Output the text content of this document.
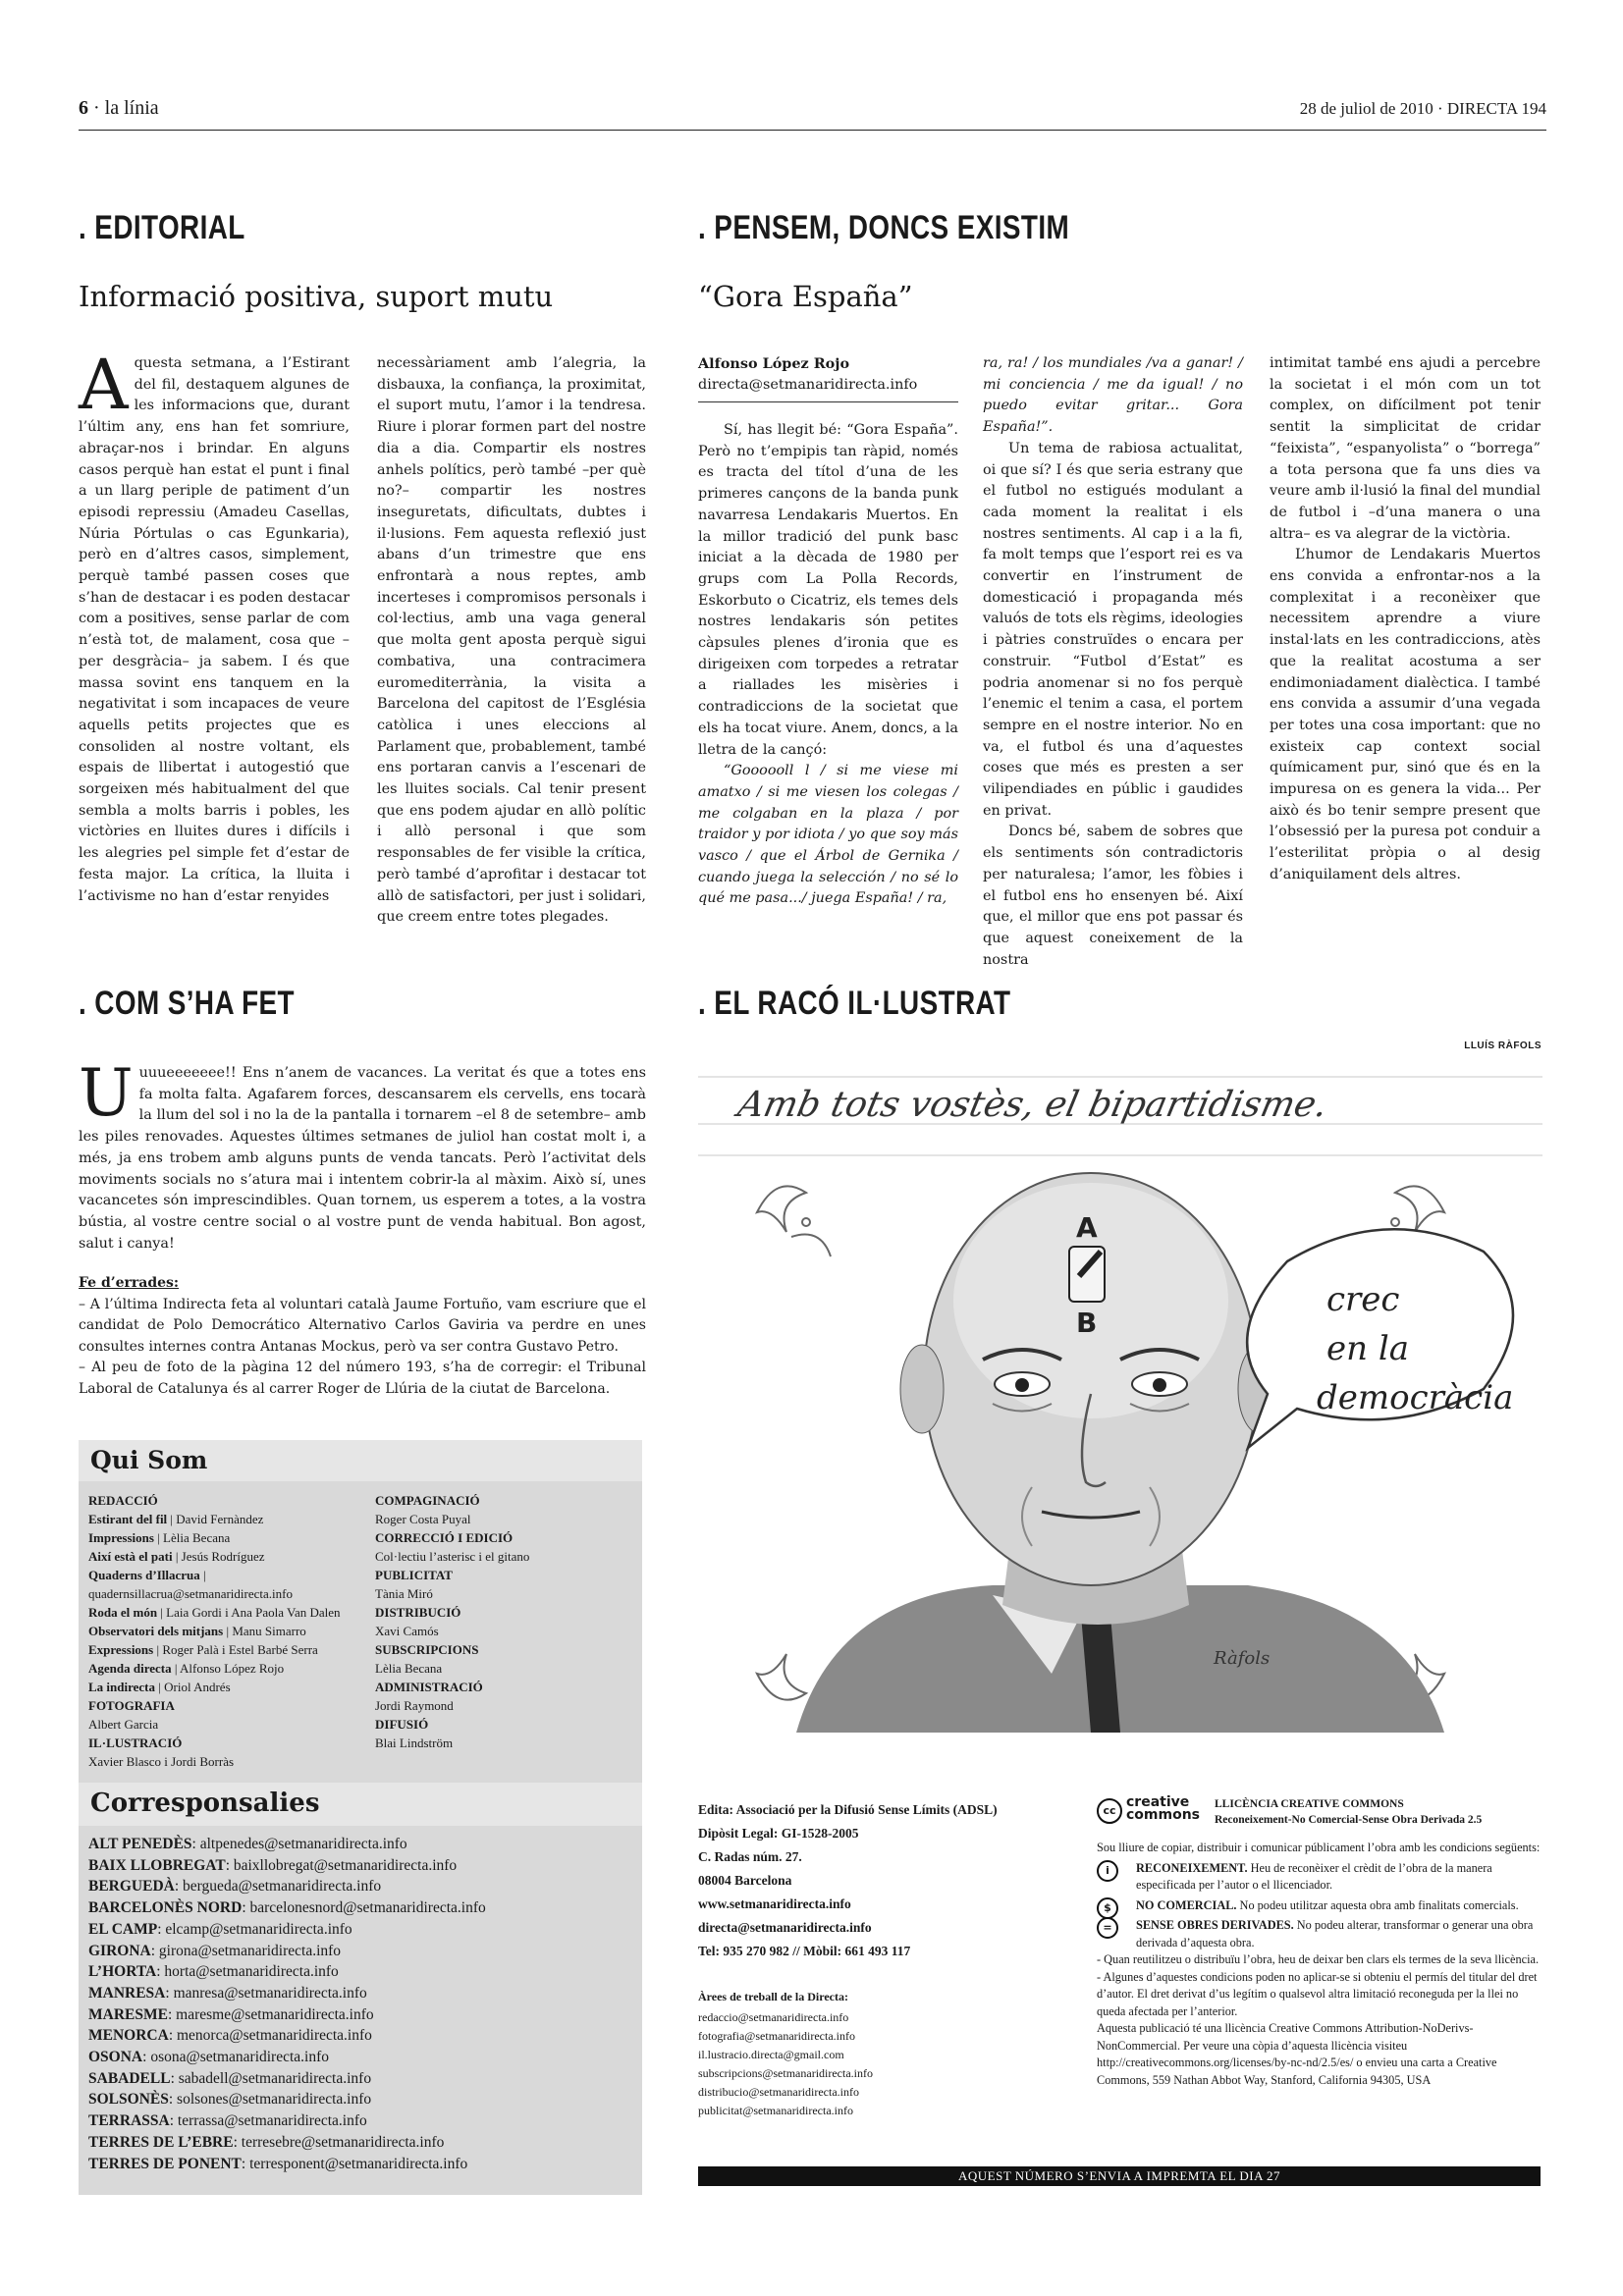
6 · la línia	28 de juliol de 2010 · DIRECTA 194
. EDITORIAL
Informació positiva, suport mutu
Aquesta setmana, a l’Estirant del fil, destaquem algunes de les informacions que, durant l’últim any, ens han fet somriure, abraçar-nos i brindar. En alguns casos perquè han estat el punt i final a un llarg periple de patiment d’un episodi repressiu (Amadeu Casellas, Núria Pórtulas o cas Egunkaria), però en d’altres casos, simplement, perquè també passen coses que s’han de destacar i es poden destacar com a positives, sense parlar de com n’està tot, de malament, cosa que –per desgràcia– ja sabem. I és que massa sovint ens tanquem en la negativitat i som incapaces de veure aquells petits projectes que es consoliden al nostre voltant, els espais de llibertat i autogestió que sorgeixen més habitualment del que sembla a molts barris i pobles, les victòries en lluites dures i difícils i les alegries pel simple fet d’estar de festa major. La crítica, la lluita i l’activisme no han d’estar renyides
necessàriament amb l’alegria, la disbauxa, la confiança, la proximitat, el suport mutu, l’amor i la tendresa. Riure i plorar formen part del nostre dia a dia. Compartir els nostres anhels polítics, però també –per què no?– compartir les nostres inseguretats, dificultats, dubtes i il·lusions. Fem aquesta reflexió just abans d’un trimestre que ens enfrontarà a nous reptes, amb incerteses i compromisos personals i col·lectius, amb una vaga general que molta gent aposta perquè sigui combativa, una contracimera euromediterrània, la visita a Barcelona del capitost de l’Església catòlica i unes eleccions al Parlament que, probablement, també ens portaran canvis a l’escenari de les lluites socials. Cal tenir present que ens podem ajudar en allò polític i allò personal i que som responsables de fer visible la crítica, però també d’aprofitar i destacar tot allò de satisfactori, per just i solidari, que creem entre totes plegades.
. PENSEM, DONCS EXISTIM
“Gora España”
Alfonso López Rojo
directa@setmanaridirecta.info

Sí, has llegit bé: “Gora España”. Però no t’empipis tan ràpid, només es tracta del títol d’una de les primeres cançons de la banda punk navarresa Lendakaris Muertos. En la millor tradició del punk basc iniciat a la dècada de 1980 per grups com La Polla Records, Eskorbuto o Cicatriz, els temes dels nostres lendakaris són petites càpsules plenes d’ironia que es dirigeixen com torpedes a retratar a riallades les misèries i contradiccions de la societat que els ha tocat viure. Anem, doncs, a la lletra de la cançó:

“Goooooll l / si me viese mi amatxo / si me viesen los colegas / me colgaban en la plaza / por traidor y por idiota / yo que soy más vasco / que el Árbol de Gernika / cuando juega la selección / no sé lo qué me pasa.../ juega España! / ra,

ra, ra! / los mundiales /va a ganar! / mi conciencia / me da igual! / no puedo evitar gritar... Gora España!”.

Un tema de rabiosa actualitat, oi que sí? I és que seria estrany que el futbol no estigués modulant a cada moment la realitat i els nostres sentiments. Al cap i a la fi, fa molt temps que l’esport rei es va convertir en l’instrument de domesticació i propaganda més valuós de tots els règims, ideologies i pàtries construïdes o encara per construir. “Futbol d’Estat” es podria anomenar si no fos perquè l’enemic el tenim a casa, el portem sempre en el nostre interior. No en va, el futbol és una d’aquestes coses que més es presten a ser vilipendiades en públic i gaudides en privat.

Doncs bé, sabem de sobres que els sentiments són contradictoris per naturalesa; l’amor, les fòbies i el futbol ens ho ensenyen bé. Així que, el millor que ens pot passar és que aquest coneixement de la nostra

intimitat també ens ajudi a percebre la societat i el món com un tot complex, on difícilment pot tenir sentit la simplicitat de cridar “feixista”, “espanyolista” o “borrega” a tota persona que fa uns dies va veure amb il·lusió la final del mundial de futbol i –d’una manera o una altra– es va alegrar de la victòria.

L’humor de Lendakaris Muertos ens convida a enfrontar-nos a la complexitat i a reconèixer que necessitem aprendre a viure instal·lats en les contradiccions, atès que la realitat acostuma a ser endimoniadament dialèctica. I també ens convida a assumir d’una vegada per totes una cosa important: que no existeix cap context social químicament pur, sinó que és en la impuresa on es genera la vida... Per això és bo tenir sempre present que l’obsessió per la puresa pot conduir a l’esterilitat pròpia o al desig d’aniquilament dels altres.

. COM S’HA FET
Uuuueeeeeee!! Ens n’anem de vacances. La veritat és que a totes ens fa molta falta. Agafarem forces, descansarem els cervells, ens tocarà la llum del sol i no la de la pantalla i tornarem –el 8 de setembre– amb les piles renovades. Aquestes últimes setmanes de juliol han costat molt i, a més, ja ens trobem amb alguns punts de venda tancats. Però l’activitat dels moviments socials no s’atura mai i intentem cobrir-la al màxim. Això sí, unes vacancetes són imprescindibles. Quan tornem, us esperem a totes, a la vostra bústia, al vostre centre social o al vostre punt de venda habitual. Bon agost, salut i canya!

Fe d’errades:

– A l’última Indirecta feta al voluntari català Jaume Fortuño, vam escriure que el candidat de Polo Democrático Alternativo Carlos Gaviria va perdre en unes consultes internes contra Antanas Mockus, però va ser contra Gustavo Petro.

– Al peu de foto de la pàgina 12 del número 193, s’ha de corregir: el Tribunal Laboral de Catalunya és al carrer Roger de Llúria de la ciutat de Barcelona.

Qui Som
REDACCIÓ
Estirant del fil | David Fernàndez
Impressions | Lèlia Becana
Així està el pati | Jesús Rodríguez
Quaderns d’Illacrua | quadernsillacrua@setmanaridirecta.info
Roda el món | Laia Gordi i Ana Paola Van Dalen
Observatori dels mitjans | Manu Simarro
Expressions | Roger Palà i Estel Barbé Serra
Agenda directa | Alfonso López Rojo
La indirecta | Oriol Andrés
FOTOGRAFIA
Albert Garcia
IL·LUSTRACIÓ
Xavier Blasco i Jordi Borràs
COMPAGINACIÓ
Roger Costa Puyal
CORRECCIÓ I EDICIÓ
Col·lectiu l’asterisc i el gitano
PUBLICITAT
Tània Miró
DISTRIBUCIÓ
Xavi Camós
SUBSCRIPCIONS
Lèlia Becana
ADMINISTRACIÓ
Jordi Raymond
DIFUSIÓ
Blai Lindström
Corresponsalies
ALT PENEDÈS: altpenedes@setmanaridirecta.info
BAIX LLOBREGAT: baixllobregat@setmanaridirecta.info
BERGUEDÀ: bergueda@setmanaridirecta.info
BARCELONÈS NORD: barcelonesnord@setmanaridirecta.info
EL CAMP: elcamp@setmanaridirecta.info
GIRONA: girona@setmanaridirecta.info
L’HORTA: horta@setmanaridirecta.info
MANRESA: manresa@setmanaridirecta.info
MARESME: maresme@setmanaridirecta.info
MENORCA: menorca@setmanaridirecta.info
OSONA: osona@setmanaridirecta.info
SABADELL: sabadell@setmanaridirecta.info
SOLSONÈS: solsones@setmanaridirecta.info
TERRASSA: terrassa@setmanaridirecta.info
TERRES DE L’EBRE: terresebre@setmanaridirecta.info
TERRES DE PONENT: terresponent@setmanaridirecta.info
. EL RACÓ IL·LUSTRAT
LLUÍS RÀFOLS
Amb tots vostès, el bipartidisme.
A
B
crec
en la
democràcia
Ràfols
Edita: Associació per la Difusió Sense Límits (ADSL)
Dipòsit Legal: GI-1528-2005
C. Radas núm. 27.
08004 Barcelona
www.setmanaridirecta.info
directa@setmanaridirecta.info
Tel: 935 270 982 // Mòbil: 661 493 117
Àrees de treball de la Directa:
redaccio@setmanaridirecta.info
fotografia@setmanaridirecta.info
il.lustracio.directa@gmail.com
subscripcions@setmanaridirecta.info
distribucio@setmanaridirecta.info
publicitat@setmanaridirecta.info
cc
creative commons
LLICÈNCIA CREATIVE COMMONS
Reconeixement-No Comercial-Sense Obra Derivada 2.5
Sou lliure de copiar, distribuir i comunicar públicament l’obra amb les condicions següents:
i	RECONEIXEMENT. Heu de reconèixer el crèdit de l’obra de la manera especificada per l’autor o el llicenciador.
$	NO COMERCIAL. No podeu utilitzar aquesta obra amb finalitats comercials.
=	SENSE OBRES DERIVADES. No podeu alterar, transformar o generar una obra derivada d’aquesta obra.
- Quan reutilitzeu o distribuïu l’obra, heu de deixar ben clars els termes de la seva llicència.
- Algunes d’aquestes condicions poden no aplicar-se si obteniu el permís del titular del dret d’autor. El dret derivat d’us legítim o qualsevol altra limitació reconeguda per la llei no queda afectada per l’anterior.
Aquesta publicació té una llicència Creative Commons Attribution-NoDerivs- NonCommercial. Per veure una còpia d’aquesta llicència visiteu http://creativecommons.org/licenses/by-nc-nd/2.5/es/ o envieu una carta a Creative Commons, 559 Nathan Abbot Way, Stanford, California 94305, USA
AQUEST NÚMERO S’ENVIA A IMPREMTA EL DIA 27
